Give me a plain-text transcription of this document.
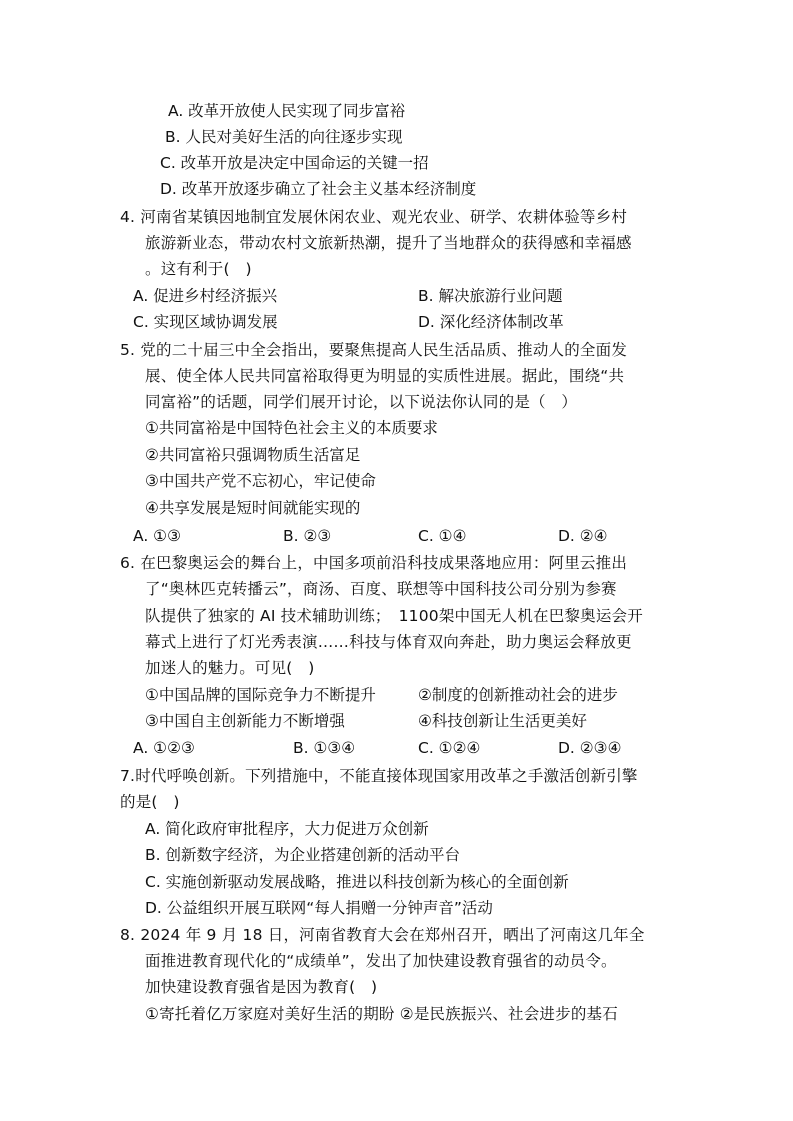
A. 改革开放使人民实现了同步富裕
B. 人民对美好生活的向往逐步实现
C. 改革开放是决定中国命运的关键一招
D. 改革开放逐步确立了社会主义基本经济制度
4. 河南省某镇因地制宜发展休闲农业、观光农业、研学、农耕体验等乡村
旅游新业态，带动农村文旅新热潮，提升了当地群众的获得感和幸福感
。这有利于(　)
A. 促进乡村经济振兴	B. 解决旅游行业问题
C. 实现区域协调发展	D. 深化经济体制改革
5. 党的二十届三中全会指出，要聚焦提高人民生活品质、推动人的全面发
展、使全体人民共同富裕取得更为明显的实质性进展。据此，围绕“共
同富裕”的话题，同学们展开讨论，以下说法你认同的是（　）
①共同富裕是中国特色社会主义的本质要求
②共同富裕只强调物质生活富足
③中国共产党不忘初心，牢记使命
④共享发展是短时间就能实现的
A. ①③	B. ②③	C. ①④	D. ②④
6. 在巴黎奥运会的舞台上，中国多项前沿科技成果落地应用：阿里云推出
了“奥林匹克转播云”，商汤、百度、联想等中国科技公司分别为参赛
队提供了独家的 AI 技术辅助训练；　1100架中国无人机在巴黎奥运会开
幕式上进行了灯光秀表演……科技与体育双向奔赴，助力奥运会释放更
加迷人的魅力。可见(　)
①中国品牌的国际竞争力不断提升	②制度的创新推动社会的进步
③中国自主创新能力不断增强	④科技创新让生活更美好
A. ①②③	B. ①③④	C. ①②④	D. ②③④
7.时代呼唤创新。下列措施中，不能直接体现国家用改革之手激活创新引擎
的是(　)
A. 简化政府审批程序，大力促进万众创新
B. 创新数字经济，为企业搭建创新的活动平台
C. 实施创新驱动发展战略，推进以科技创新为核心的全面创新
D. 公益组织开展互联网“每人捐赠一分钟声音”活动
8. 2024 年 9 月 18 日，河南省教育大会在郑州召开，晒出了河南这几年全
面推进教育现代化的“成绩单”，发出了加快建设教育强省的动员令。
加快建设教育强省是因为教育(　)
①寄托着亿万家庭对美好生活的期盼 ②是民族振兴、社会进步的基石
